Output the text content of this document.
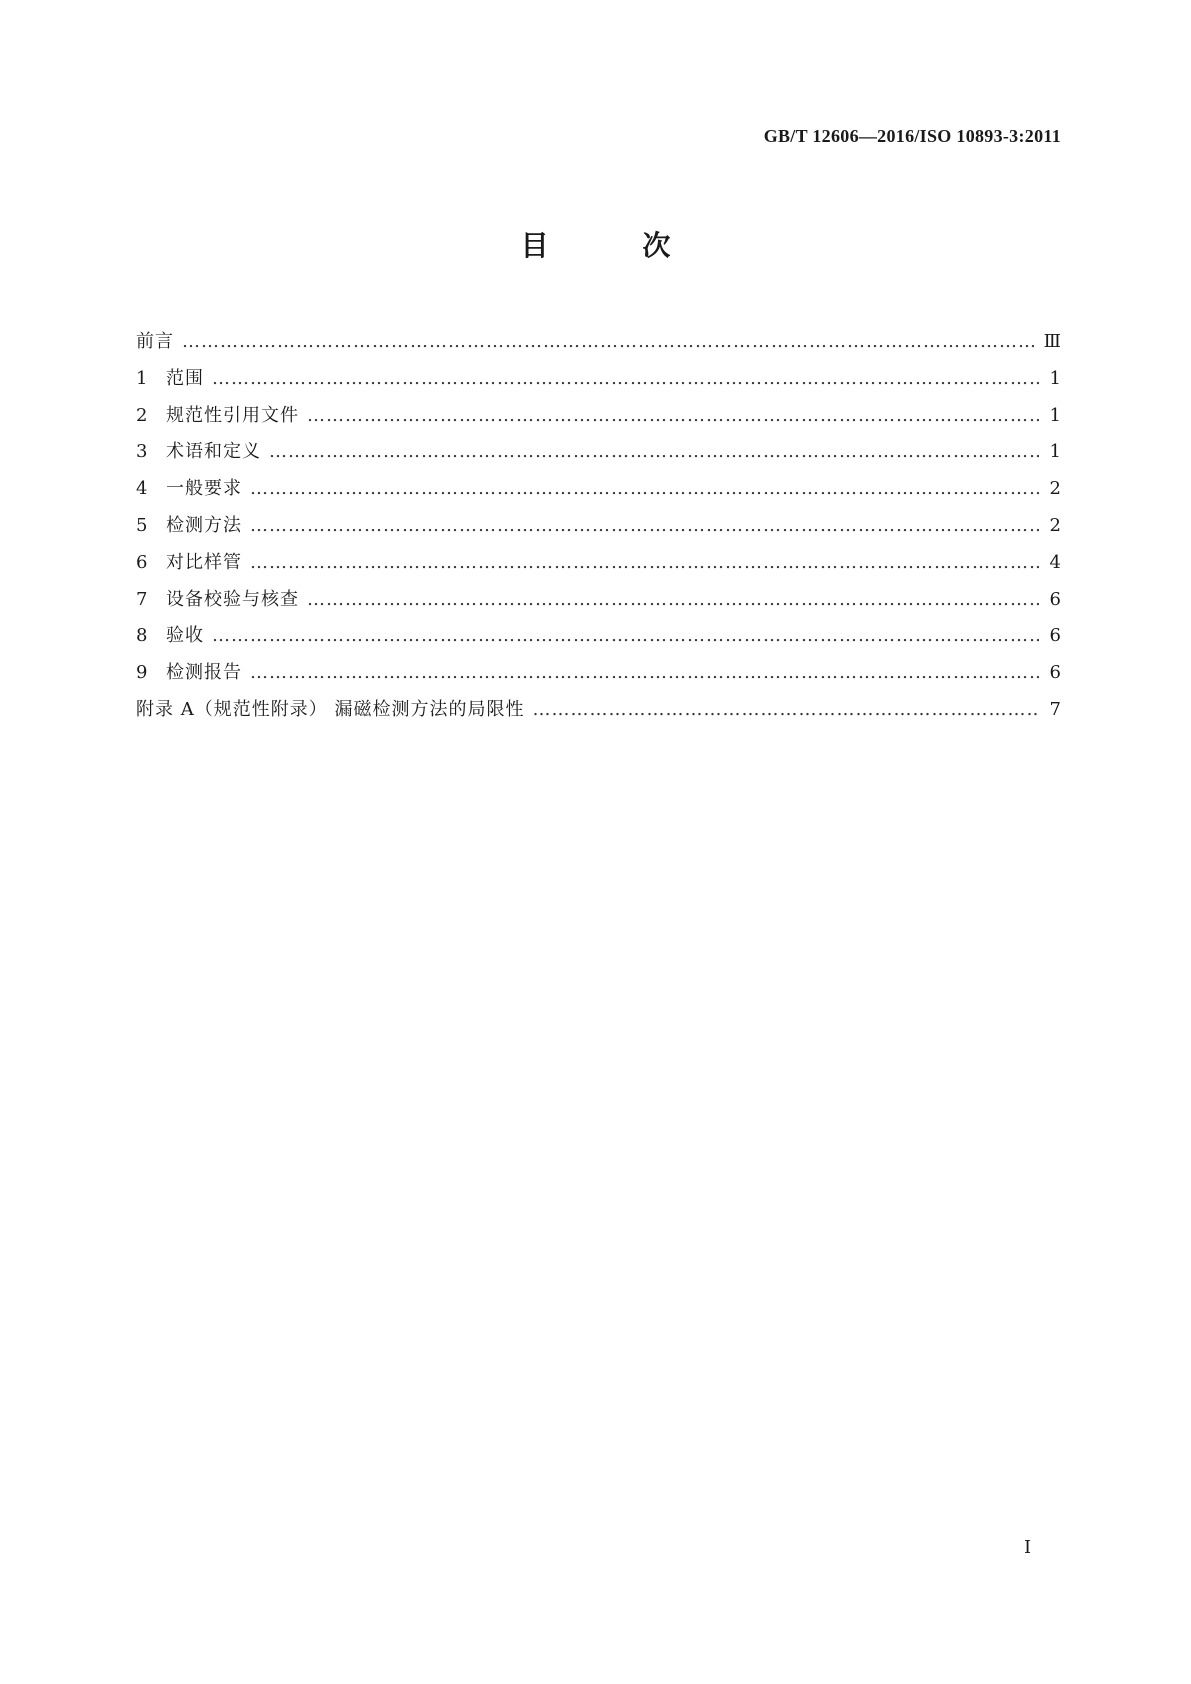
GB/T 12606—2016/ISO 10893-3:2011
目 次
前言 ……………………………………………………………………………………………………………………………………………………………………………………………………	Ⅲ
1	范围 ……………………………………………………………………………………………………………………………………………………………………………………………………	1
2	规范性引用文件 ……………………………………………………………………………………………………………………………………………………………………………………………………	1
3	术语和定义 ……………………………………………………………………………………………………………………………………………………………………………………………………	1
4	一般要求 ……………………………………………………………………………………………………………………………………………………………………………………………………	2
5	检测方法 ……………………………………………………………………………………………………………………………………………………………………………………………………	2
6	对比样管 ……………………………………………………………………………………………………………………………………………………………………………………………………	4
7	设备校验与核查 ……………………………………………………………………………………………………………………………………………………………………………………………………	6
8	验收 ……………………………………………………………………………………………………………………………………………………………………………………………………	6
9	检测报告 ……………………………………………………………………………………………………………………………………………………………………………………………………	6
附录 A（规范性附录） 漏磁检测方法的局限性 ……………………………………………………………………………………………………………………………………………………………………………………………………	7
Ⅰ
